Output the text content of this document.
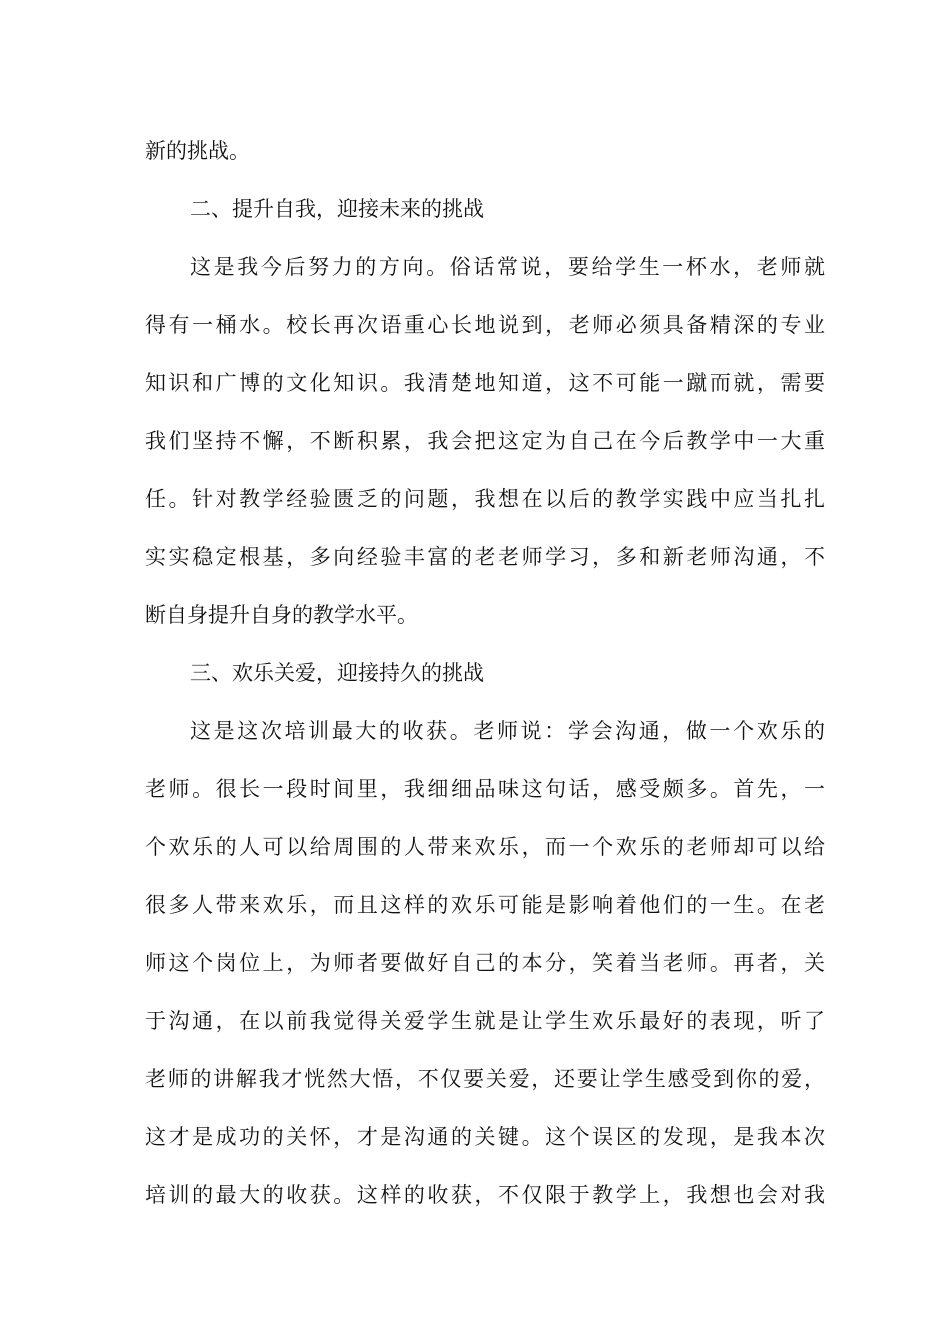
新的挑战。
二、提升自我，迎接未来的挑战
这是我今后努力的方向。俗话常说，要给学生一杯水，老师就
得有一桶水。校长再次语重心长地说到，老师必须具备精深的专业
知识和广博的文化知识。我清楚地知道，这不可能一蹴而就，需要
我们坚持不懈，不断积累，我会把这定为自己在今后教学中一大重
任。针对教学经验匮乏的问题，我想在以后的教学实践中应当扎扎
实实稳定根基，多向经验丰富的老老师学习，多和新老师沟通，不
断自身提升自身的教学水平。
三、欢乐关爱，迎接持久的挑战
这是这次培训最大的收获。老师说：学会沟通，做一个欢乐的
老师。很长一段时间里，我细细品味这句话，感受颇多。首先，一
个欢乐的人可以给周围的人带来欢乐，而一个欢乐的老师却可以给
很多人带来欢乐，而且这样的欢乐可能是影响着他们的一生。在老
师这个岗位上，为师者要做好自己的本分，笑着当老师。再者，关
于沟通，在以前我觉得关爱学生就是让学生欢乐最好的表现，听了
老师的讲解我才恍然大悟，不仅要关爱，还要让学生感受到你的爱，
这才是成功的关怀，才是沟通的关键。这个误区的发现，是我本次
培训的最大的收获。这样的收获，不仅限于教学上，我想也会对我
